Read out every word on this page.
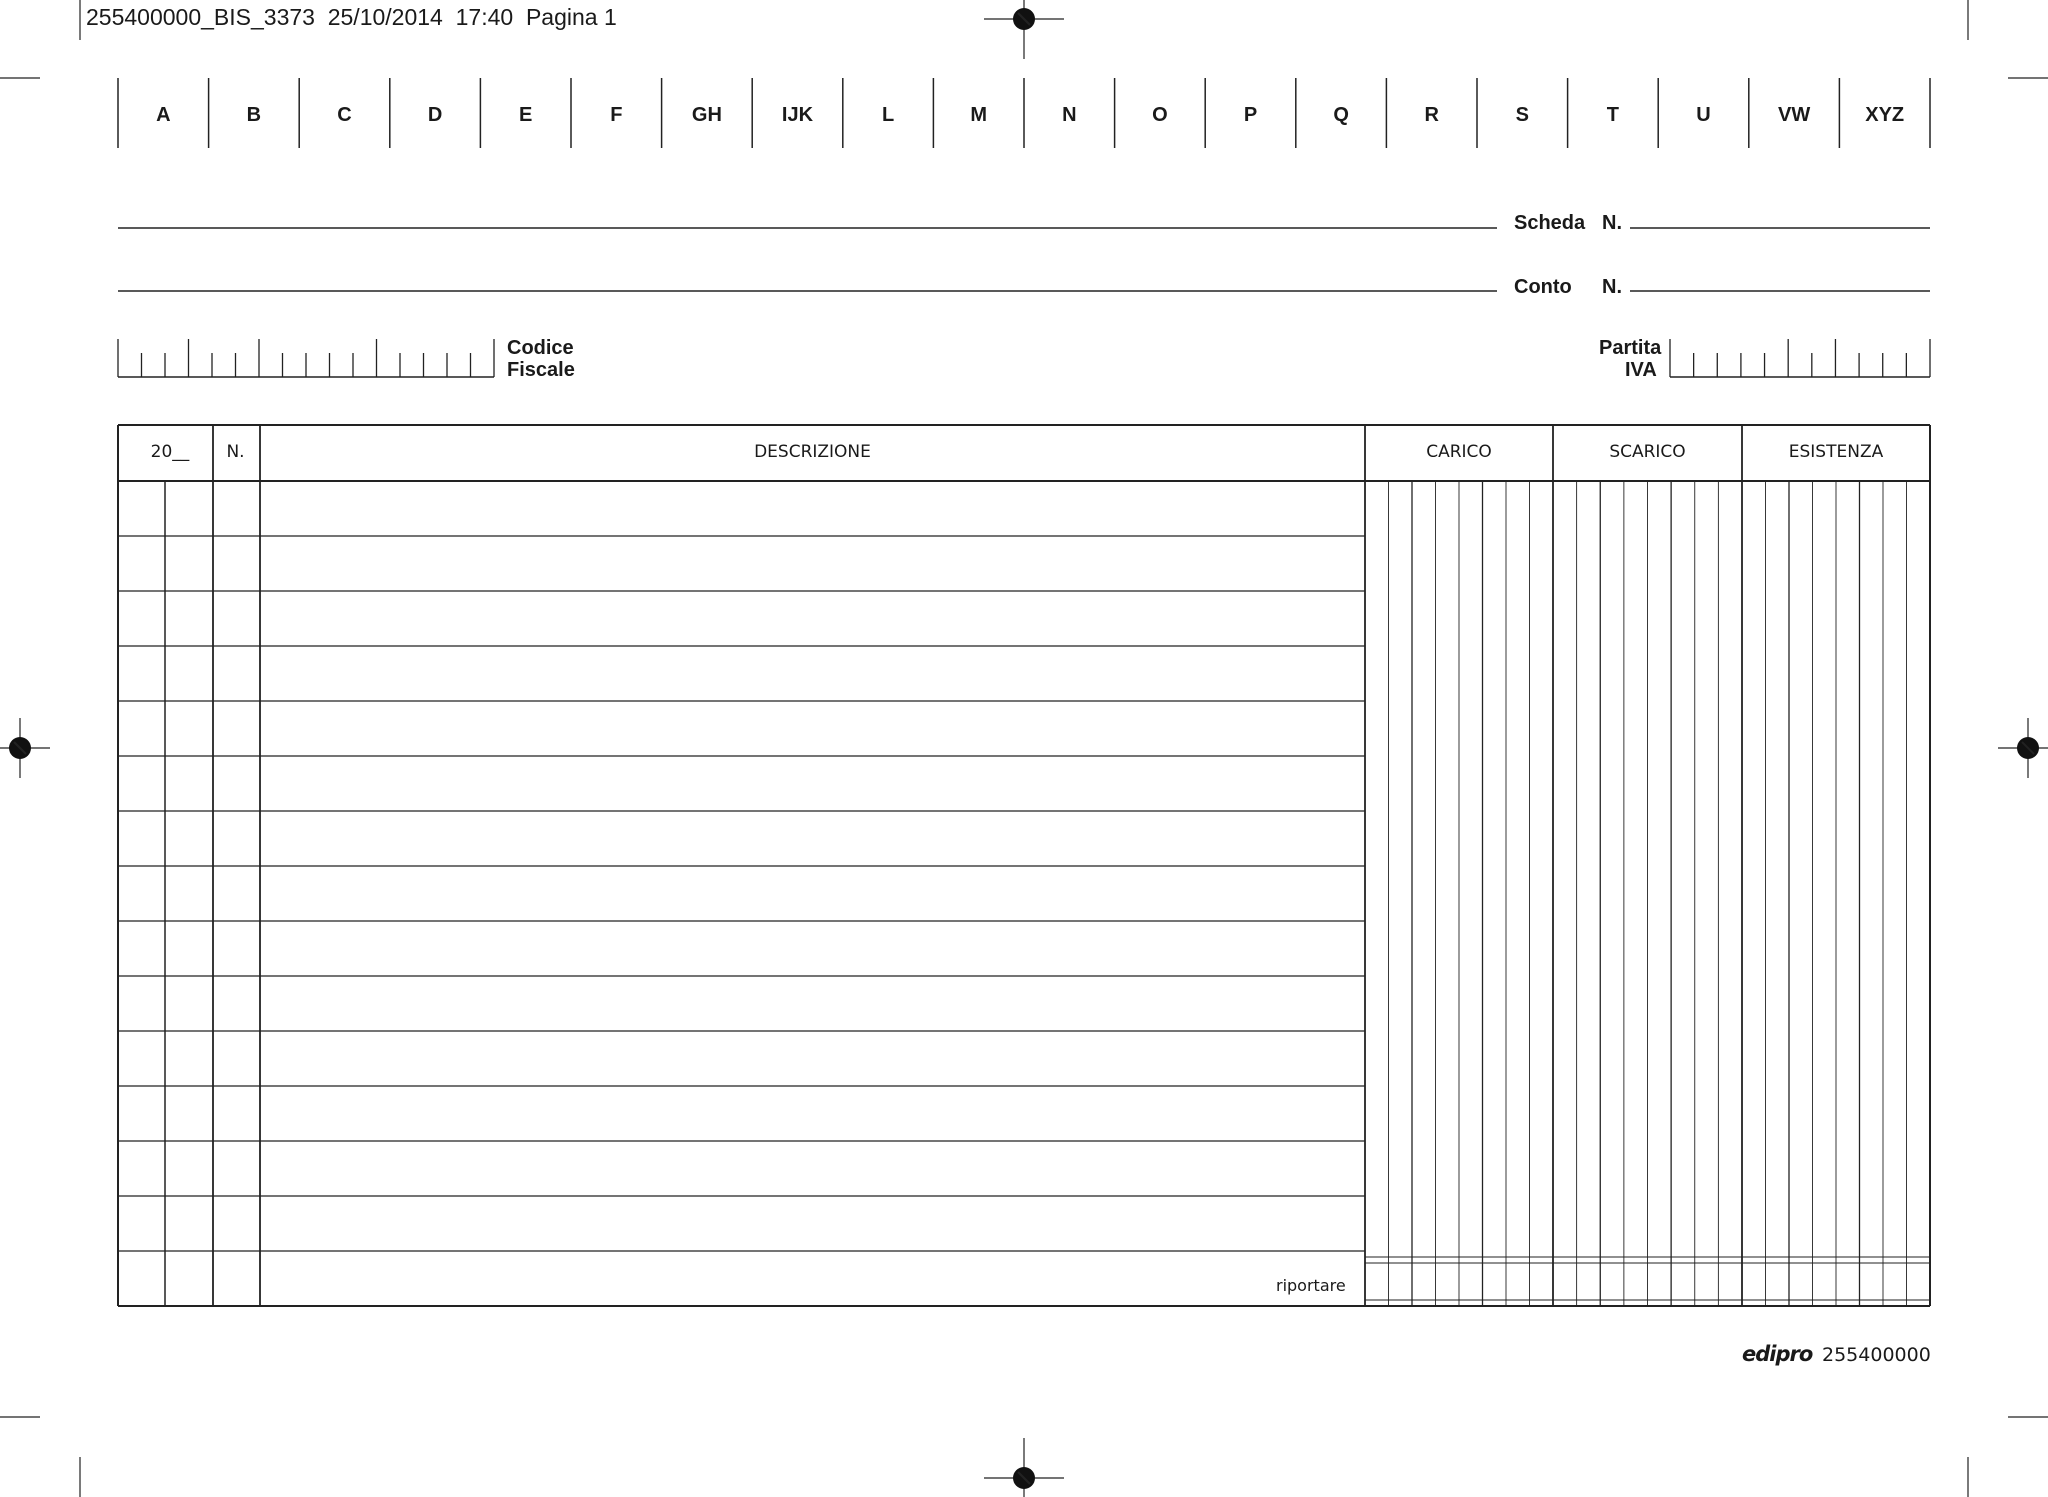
255400000_BIS_3373  25/10/2014  17:40  Pagina 1
A	B	C	D	E	F	GH	IJK	L	M	N	O	P	Q	R	S	T	U	VW	XYZ
Scheda N.
Conto N.
Codice
Fiscale
Partita
IVA
20__	N.	DESCRIZIONE	CARICO	SCARICO	ESISTENZA
riportare
edipro 255400000
